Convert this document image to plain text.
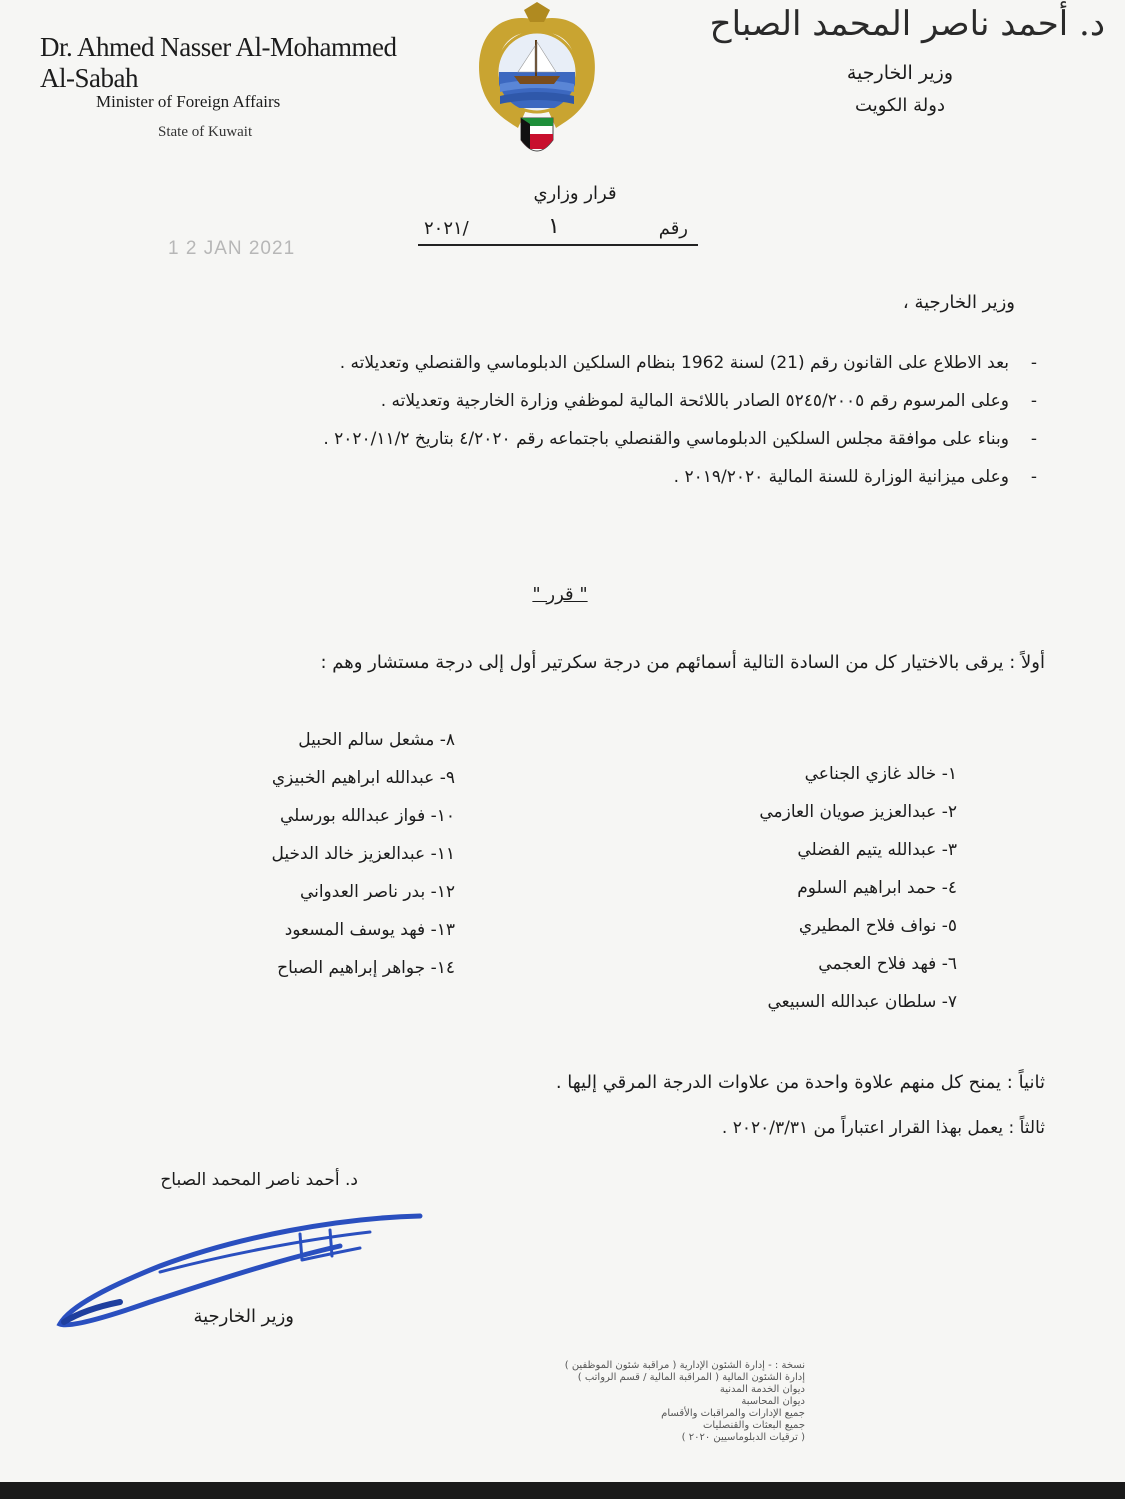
Dr. Ahmed Nasser Al-Mohammed Al-Sabah
Minister of Foreign Affairs
State of Kuwait
د. أحمد ناصر المحمد الصباح
وزير الخارجية
دولة الكويت
قرار وزاري
رقم
١
٢٠٢١/
1 2 JAN 2021
وزير الخارجية ،
-
بعد الاطلاع على القانون رقم (21) لسنة 1962 بنظام السلكين الدبلوماسي والقنصلي وتعديلاته .
-
وعلى المرسوم رقم ٥٢٤٥/٢٠٠٥ الصادر باللائحة المالية لموظفي وزارة الخارجية وتعديلاته .
-
وبناء على موافقة مجلس السلكين الدبلوماسي والقنصلي باجتماعه رقم ٤/٢٠٢٠ بتاريخ ٢٠٢٠/١١/٢ .
-
وعلى ميزانية الوزارة للسنة المالية ٢٠١٩/٢٠٢٠ .
" قرر "
أولاً : يرقى بالاختيار كل من السادة التالية أسمائهم من درجة سكرتير أول إلى درجة مستشار وهم :
١- خالد غازي الجناعي
٢- عبدالعزيز صويان العازمي
٣- عبدالله يتيم الفضلي
٤- حمد ابراهيم السلوم
٥- نواف فلاح المطيري
٦- فهد فلاح العجمي
٧- سلطان عبدالله السبيعي
٨- مشعل سالم الحبيل
٩- عبدالله ابراهيم الخبيزي
١٠- فواز عبدالله بورسلي
١١- عبدالعزيز خالد الدخيل
١٢- بدر ناصر العدواني
١٣- فهد يوسف المسعود
١٤- جواهر إبراهيم الصباح
ثانياً : يمنح كل منهم علاوة واحدة من علاوات الدرجة المرقي إليها .
ثالثاً : يعمل بهذا القرار اعتباراً من ٢٠٢٠/٣/٣١ .
د. أحمد ناصر المحمد الصباح
وزير الخارجية
نسخة : - إدارة الشئون الإدارية ( مراقبة شئون الموظفين )
إدارة الشئون المالية ( المراقبة المالية / قسم الرواتب )
ديوان الخدمة المدنية
ديوان المحاسبة
جميع الإدارات والمراقبات والأقسام
جميع البعثات والقنصليات
( ترقيات الدبلوماسيين ٢٠٢٠ )
